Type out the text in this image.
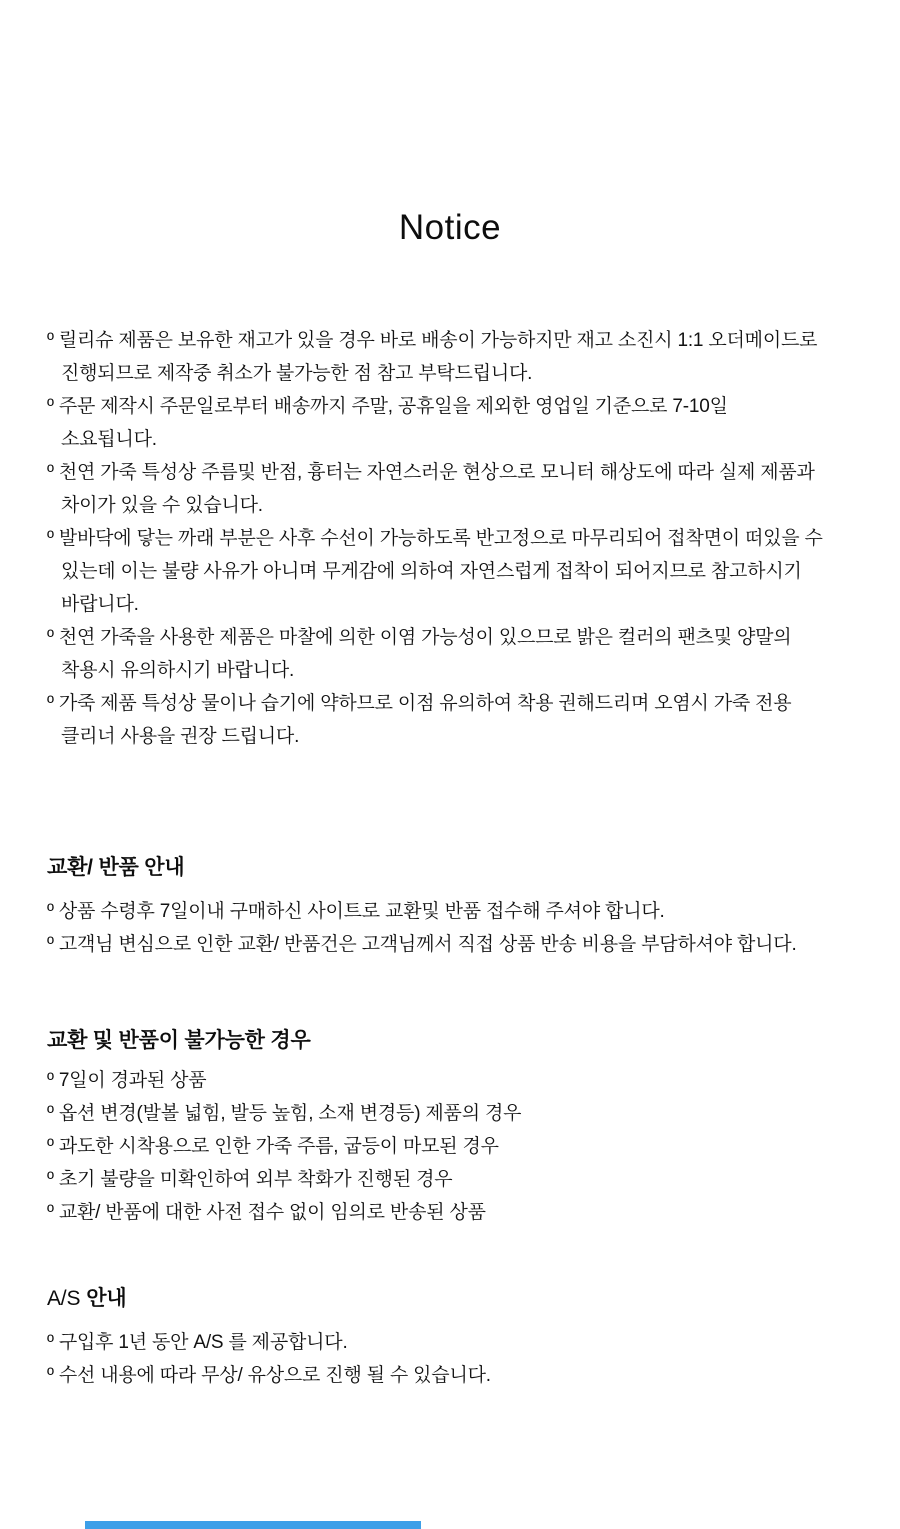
Notice
º 릴리슈 제품은 보유한 재고가 있을 경우 바로 배송이 가능하지만 재고 소진시 1:1 오더메이드로
진행되므로 제작중 취소가 불가능한 점 참고 부탁드립니다.
º 주문 제작시 주문일로부터 배송까지 주말, 공휴일을 제외한 영업일 기준으로 7-10일
소요됩니다.
º 천연 가죽 특성상 주름및 반점, 흉터는 자연스러운 현상으로 모니터 해상도에 따라 실제 제품과
차이가 있을 수 있습니다.
º 발바닥에 닿는 까래 부분은 사후 수선이 가능하도록 반고정으로 마무리되어 접착면이 떠있을 수
있는데 이는 불량 사유가 아니며 무게감에 의하여 자연스럽게 접착이 되어지므로 참고하시기
바랍니다.
º 천연 가죽을 사용한 제품은 마찰에 의한 이염 가능성이 있으므로 밝은 컬러의 팬츠및 양말의
착용시 유의하시기 바랍니다.
º 가죽 제품 특성상 물이나 습기에 약하므로 이점 유의하여 착용 권해드리며 오염시 가죽 전용
클리너 사용을 권장 드립니다.
교환/ 반품 안내
º 상품 수령후 7일이내 구매하신 사이트로 교환및 반품 접수해 주셔야 합니다.
º 고객님 변심으로 인한 교환/ 반품건은 고객님께서 직접 상품 반송 비용을 부담하셔야 합니다.
교환 및 반품이 불가능한 경우
º 7일이 경과된 상품
º 옵션 변경(발볼 넓힘, 발등 높힘, 소재 변경등) 제품의 경우
º 과도한 시착용으로 인한 가죽 주름, 굽등이 마모된 경우
º 초기 불량을 미확인하여 외부 착화가 진행된 경우
º 교환/ 반품에 대한 사전 접수 없이 임의로 반송된 상품
A/S 안내
º 구입후 1년 동안 A/S 를 제공합니다.
º 수선 내용에 따라 무상/ 유상으로 진행 될 수 있습니다.
